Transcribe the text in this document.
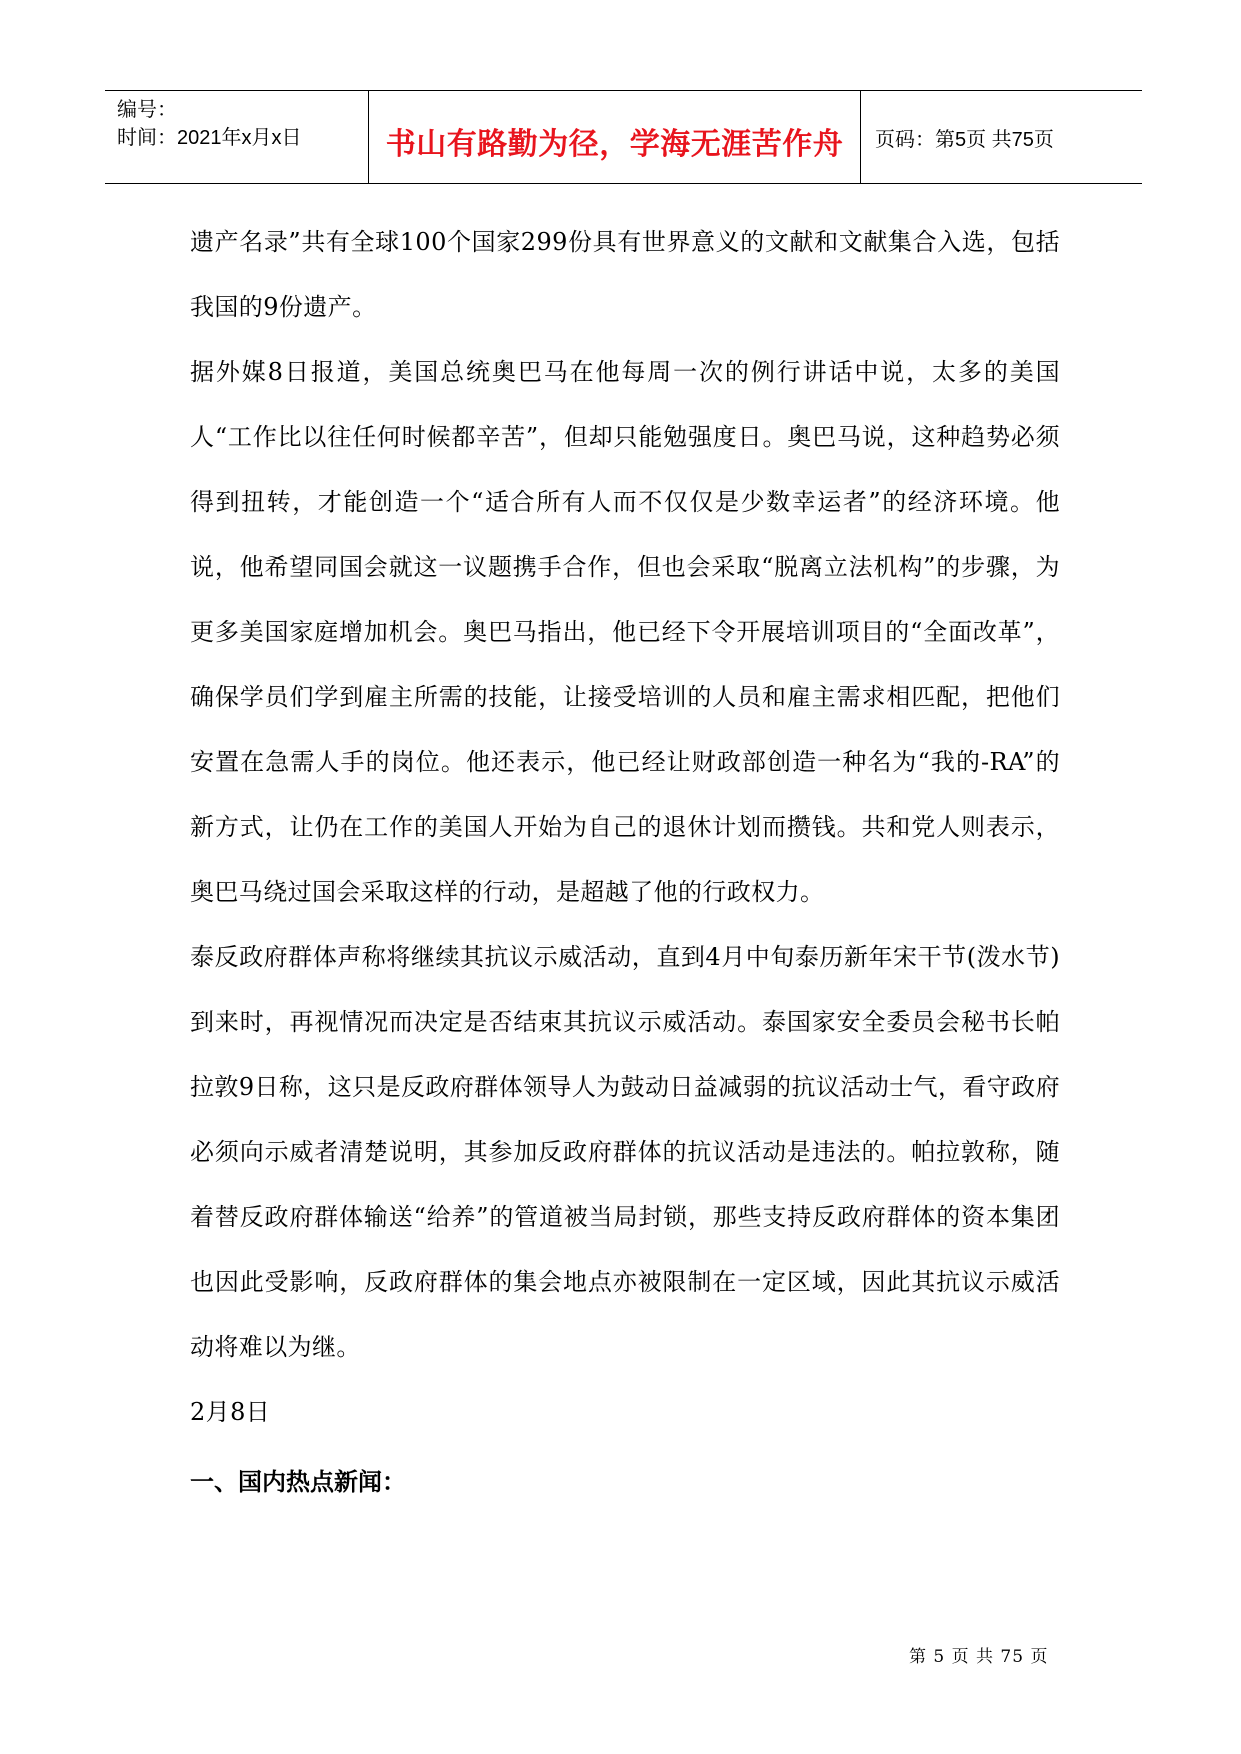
编号：
时间：2021年x月x日	书山有路勤为径，学海无涯苦作舟	页码：第5页 共75页
遗产名录”共有全球100个国家299份具有世界意义的文献和文献集合入选，包括我国的9份遗产。
据外媒8日报道，美国总统奥巴马在他每周一次的例行讲话中说，太多的美国人“工作比以往任何时候都辛苦”，但却只能勉强度日。奥巴马说，这种趋势必须得到扭转，才能创造一个“适合所有人而不仅仅是少数幸运者”的经济环境。他说，他希望同国会就这一议题携手合作，但也会采取“脱离立法机构”的步骤，为更多美国家庭增加机会。奥巴马指出，他已经下令开展培训项目的“全面改革”，确保学员们学到雇主所需的技能，让接受培训的人员和雇主需求相匹配，把他们安置在急需人手的岗位。他还表示，他已经让财政部创造一种名为“我的-RA”的新方式，让仍在工作的美国人开始为自己的退休计划而攒钱。共和党人则表示，奥巴马绕过国会采取这样的行动，是超越了他的行政权力。
泰反政府群体声称将继续其抗议示威活动，直到4月中旬泰历新年宋干节(泼水节)到来时，再视情况而决定是否结束其抗议示威活动。泰国家安全委员会秘书长帕拉敦9日称，这只是反政府群体领导人为鼓动日益减弱的抗议活动士气，看守政府必须向示威者清楚说明，其参加反政府群体的抗议活动是违法的。帕拉敦称，随着替反政府群体输送“给养”的管道被当局封锁，那些支持反政府群体的资本集团也因此受影响，反政府群体的集会地点亦被限制在一定区域，因此其抗议示威活动将难以为继。
2月8日
一、国内热点新闻：
第 5 页 共 75 页
